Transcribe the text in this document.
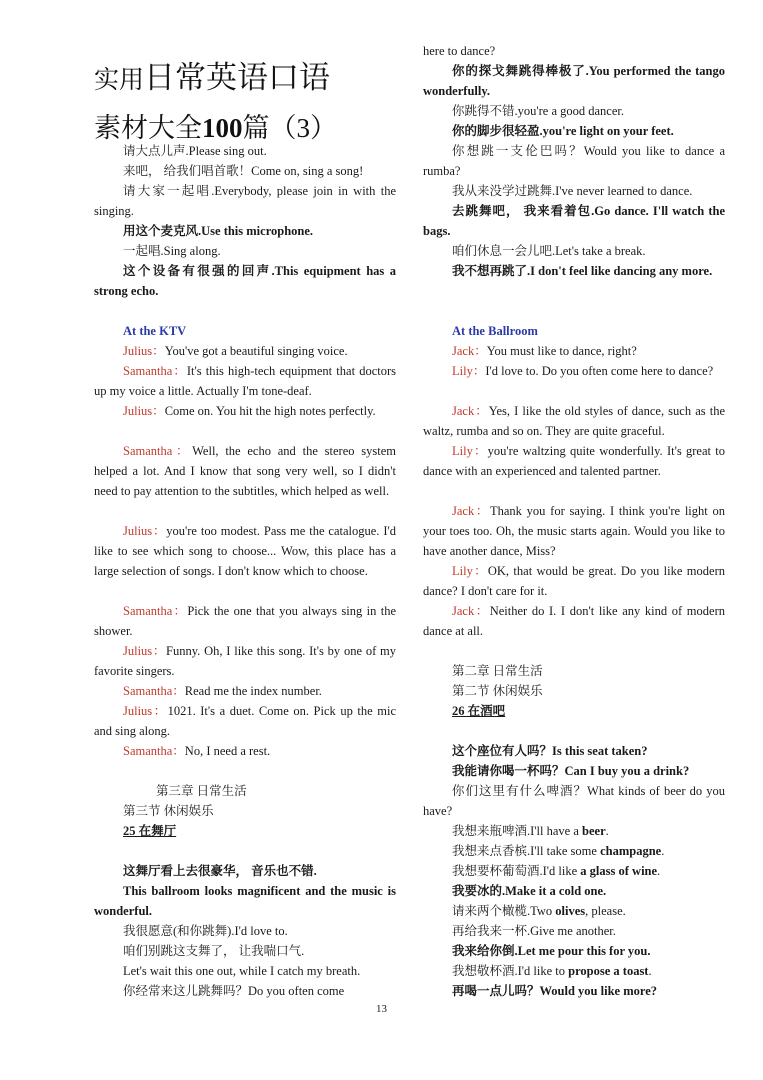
实用日常英语口语
素材大全100篇（3）
请大点儿声.Please sing out.
来吧， 给我们唱首歌！Come on, sing a song!
请大家一起唱.Everybody, please join in with the singing.
用这个麦克风.Use this microphone.
一起唱.Sing along.
这个设备有很强的回声.This equipment has a strong echo.
At the KTV
Julius：You've got a beautiful singing voice.
Samantha：It's this high-tech equipment that doctors up my voice a little. Actually I'm tone-deaf.
Julius：Come on. You hit the high notes perfectly.
Samantha：Well, the echo and the stereo system helped a lot. And I know that song very well, so I didn't need to pay attention to the subtitles, which helped as well.
Julius：you're too modest. Pass me the catalogue. I'd like to see which song to choose... Wow, this place has a large selection of songs. I don't know which to choose.
Samantha：Pick the one that you always sing in the shower.
Julius：Funny. Oh, I like this song. It's by one of my favorite singers.
Samantha：Read me the index number.
Julius：1021. It's a duet. Come on. Pick up the mic and sing along.
Samantha：No, I need a rest.
第三章 日常生活
第三节 休闲娱乐
25 在舞厅
这舞厅看上去很豪华， 音乐也不错.
This ballroom looks magnificent and the music is wonderful.
我很愿意(和你跳舞).I'd love to.
咱们别跳这支舞了， 让我喘口气.
Let's wait this one out, while I catch my breath.
你经常来这儿跳舞吗？Do you often come
here to dance?
你的探戈舞跳得棒极了.You performed the tango wonderfully.
你跳得不错.you're a good dancer.
你的脚步很轻盈.you're light on your feet.
你想跳一支伦巴吗？Would you like to dance a rumba?
我从来没学过跳舞.I've never learned to dance.
去跳舞吧， 我来看着包.Go dance. I'll watch the bags.
咱们休息一会儿吧.Let's take a break.
我不想再跳了.I don't feel like dancing any more.
At the Ballroom
Jack：You must like to dance, right?
Lily：I'd love to. Do you often come here to dance?
Jack：Yes, I like the old styles of dance, such as the waltz, rumba and so on. They are quite graceful.
Lily：you're waltzing quite wonderfully. It's great to dance with an experienced and talented partner.
Jack：Thank you for saying. I think you're light on your toes too. Oh, the music starts again. Would you like to have another dance, Miss?
Lily：OK, that would be great. Do you like modern dance? I don't care for it.
Jack：Neither do I. I don't like any kind of modern dance at all.
第二章 日常生活
第二节 休闲娱乐
26 在酒吧
这个座位有人吗？Is this seat taken?
我能请你喝一杯吗？Can I buy you a drink?
你们这里有什么啤酒？What kinds of beer do you have?
我想来瓶啤酒.I'll have a beer.
我想来点香槟.I'll take some champagne.
我想要杯葡萄酒.I'd like a glass of wine.
我要冰的.Make it a cold one.
请来两个橄榄.Two olives, please.
再给我来一杯.Give me another.
我来给你倒.Let me pour this for you.
我想敬杯酒.I'd like to propose a toast.
再喝一点儿吗？Would you like more?
13
